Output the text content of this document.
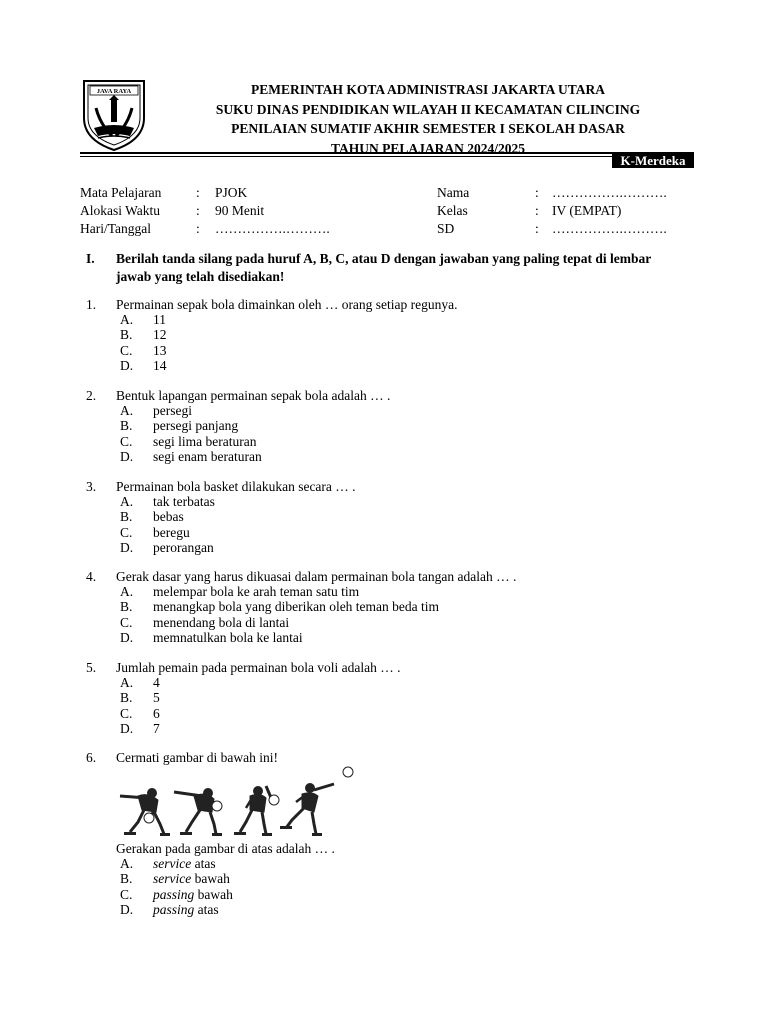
JAVA RAYA	PEMERINTAH KOTA ADMINISTRASI JAKARTA UTARA
SUKU DINAS PENDIDIKAN WILAYAH II KECAMATAN CILINCING
PENILAIAN SUMATIF AKHIR SEMESTER I SEKOLAH DASAR
TAHUN PELAJARAN 2024/2025
K-Merdeka
Mata Pelajaran	: PJOK
Alokasi Waktu	: 90 Menit
Hari/Tanggal	: …………….……….
Nama	: …………….……….
Kelas	: IV (EMPAT)
SD	: …………….……….
I. Berilah tanda silang pada huruf A, B, C, atau D dengan jawaban yang paling tepat di lembar jawab yang telah disediakan!
1. Permainan sepak bola dimainkan oleh … orang setiap regunya.
A. 11
B. 12
C. 13
D. 14
2. Bentuk lapangan permainan sepak bola adalah … .
A. persegi
B. persegi panjang
C. segi lima beraturan
D. segi enam beraturan
3. Permainan bola basket dilakukan secara … .
A. tak terbatas
B. bebas
C. beregu
D. perorangan
4. Gerak dasar yang harus dikuasai dalam permainan bola tangan adalah … .
A. melempar bola ke arah teman satu tim
B. menangkap bola yang diberikan oleh teman beda tim
C. menendang bola di lantai
D. memnatulkan bola ke lantai
5. Jumlah pemain pada permainan bola voli adalah … .
A. 4
B. 5
C. 6
D. 7
6. Cermati gambar di bawah ini!
Gerakan pada gambar di atas adalah … .
A. service atas
B. service bawah
C. passing bawah
D. passing atas
